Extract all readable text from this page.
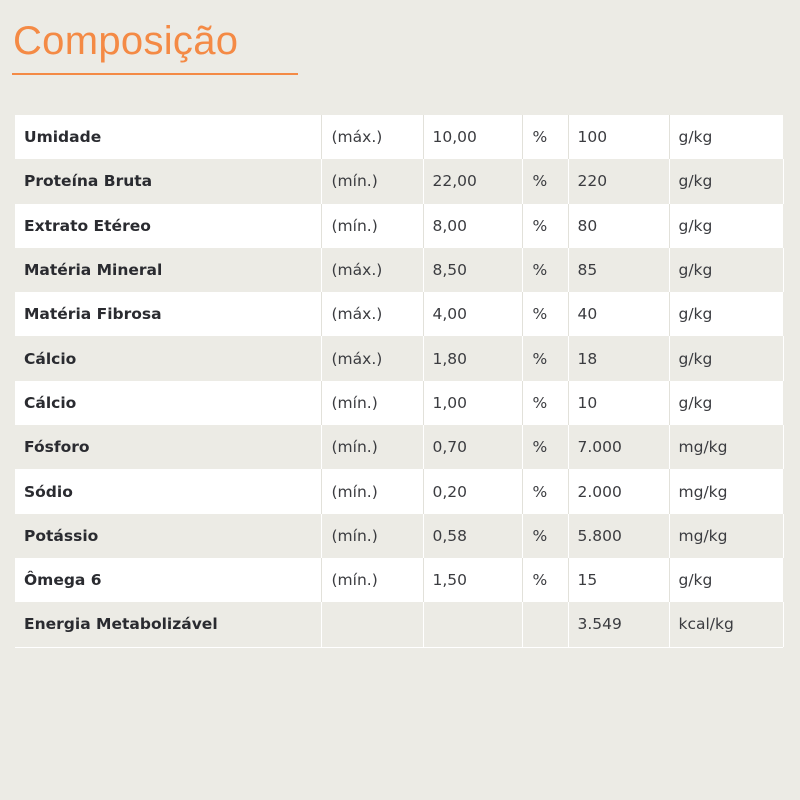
Composição
Umidade	(máx.)	10,00	%	100	g/kg
Proteína Bruta	(mín.)	22,00	%	220	g/kg
Extrato Etéreo	(mín.)	8,00	%	80	g/kg
Matéria Mineral	(máx.)	8,50	%	85	g/kg
Matéria Fibrosa	(máx.)	4,00	%	40	g/kg
Cálcio	(máx.)	1,80	%	18	g/kg
Cálcio	(mín.)	1,00	%	10	g/kg
Fósforo	(mín.)	0,70	%	7.000	mg/kg
Sódio	(mín.)	0,20	%	2.000	mg/kg
Potássio	(mín.)	0,58	%	5.800	mg/kg
Ômega 6	(mín.)	1,50	%	15	g/kg
Energia Metabolizável				3.549	kcal/kg
